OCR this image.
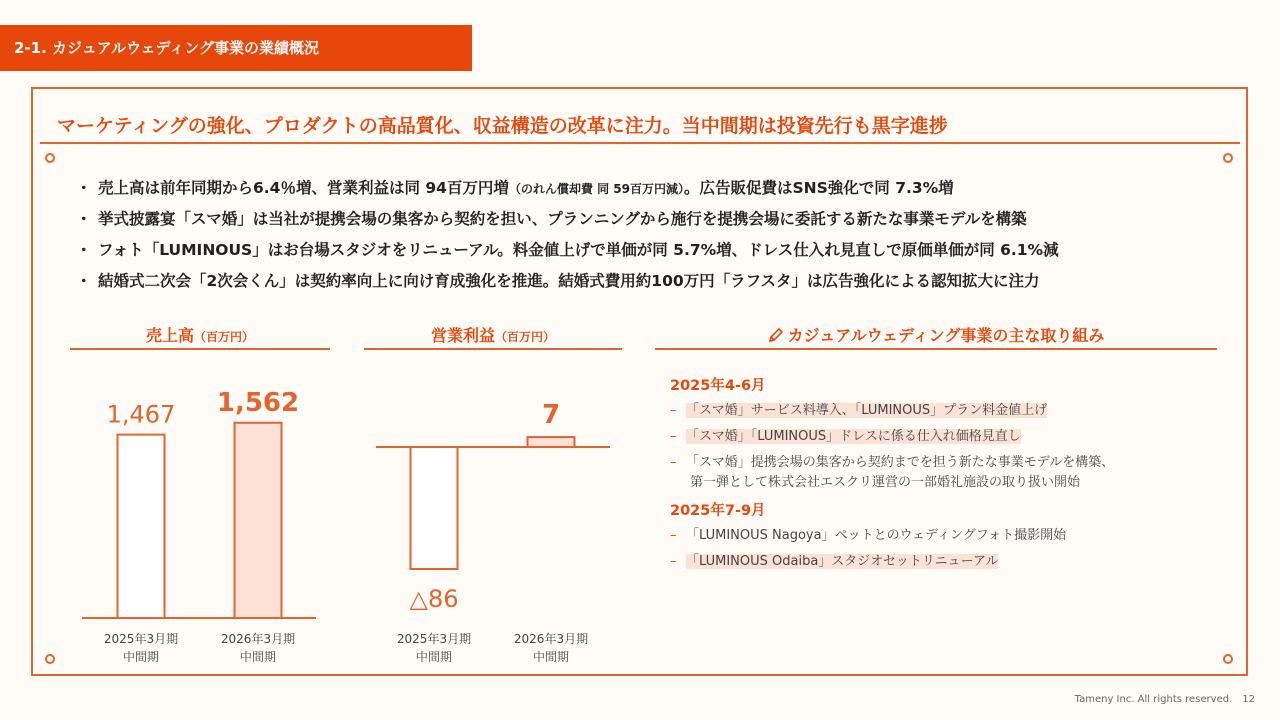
2-1. カジュアルウェディング事業の業績概況
マーケティングの強化、プロダクトの高品質化、収益構造の改革に注力。当中間期は投資先行も黒字進捗
・ 売上高は前年同期から6.4％増、営業利益は同 94百万円増（のれん償却費 同 59百万円減）。広告販促費はSNS強化で同 7.3%増
・ 挙式披露宴「スマ婚」は当社が提携会場の集客から契約を担い、プランニングから施行を提携会場に委託する新たな事業モデルを構築
・ フォト「LUMINOUS」はお台場スタジオをリニューアル。料金値上げで単価が同 5.7%増、ドレス仕入れ見直しで原価単価が同 6.1%減
・ 結婚式二次会「2次会くん」は契約率向上に向け育成強化を推進。結婚式費用約100万円「ラフスタ」は広告強化による認知拡大に注力
売上高（百万円）
1,467 1,562
2025年3月期中間期
2026年3月期中間期
営業利益（百万円）
△86
7
2025年3月期中間期
2026年3月期中間期
カジュアルウェディング事業の主な取り組み
2025年4-6月
– 「スマ婚」サービス料導入、「LUMINOUS」プラン料金値上げ
– 「スマ婚」「LUMINOUS」ドレスに係る仕入れ価格見直し
– 「スマ婚」提携会場の集客から契約までを担う新たな事業モデルを構築、
第一弾として株式会社エスクリ運営の一部婚礼施設の取り扱い開始
2025年7-9月
– 「LUMINOUS Nagoya」ペットとのウェディングフォト撮影開始
– 「LUMINOUS Odaiba」スタジオセットリニューアル
Tameny Inc. All rights reserved. 12
